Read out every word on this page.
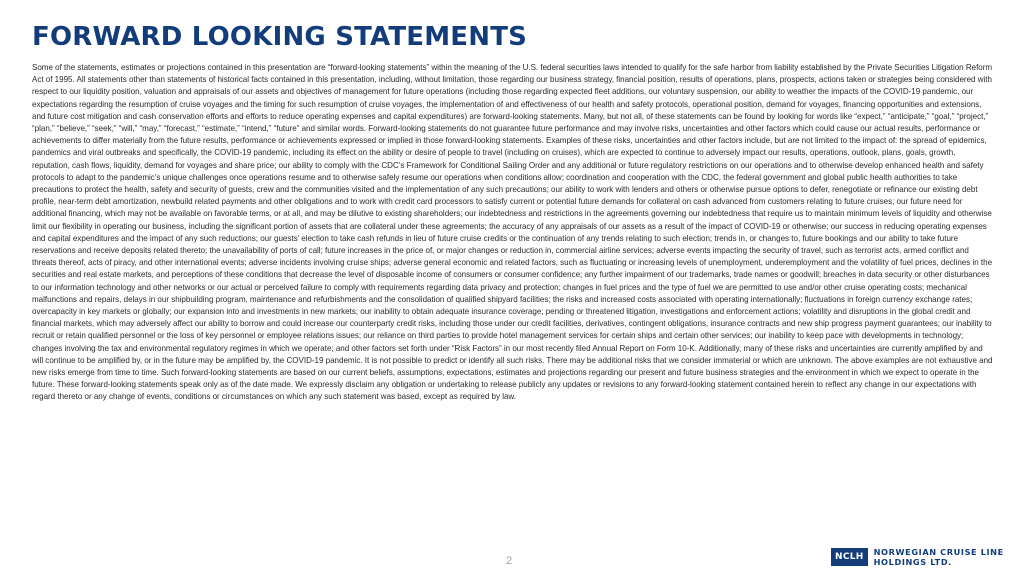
FORWARD LOOKING STATEMENTS
Some of the statements, estimates or projections contained in this presentation are “forward-looking statements” within the meaning of the U.S. federal securities laws intended to qualify for the safe harbor from liability established by the Private Securities Litigation Reform Act of 1995. All statements other than statements of historical facts contained in this presentation, including, without limitation, those regarding our business strategy, financial position, results of operations, plans, prospects, actions taken or strategies being considered with respect to our liquidity position, valuation and appraisals of our assets and objectives of management for future operations (including those regarding expected fleet additions, our voluntary suspension, our ability to weather the impacts of the COVID-19 pandemic, our expectations regarding the resumption of cruise voyages and the timing for such resumption of cruise voyages, the implementation of and effectiveness of our health and safety protocols, operational position, demand for voyages, financing opportunities and extensions, and future cost mitigation and cash conservation efforts and efforts to reduce operating expenses and capital expenditures) are forward-looking statements. Many, but not all, of these statements can be found by looking for words like “expect,” “anticipate,” “goal,” “project,” “plan,” “believe,” “seek,” “will,” “may,” “forecast,” “estimate,” “intend,” “future” and similar words. Forward-looking statements do not guarantee future performance and may involve risks, uncertainties and other factors which could cause our actual results, performance or achievements to differ materially from the future results, performance or achievements expressed or implied in those forward-looking statements. Examples of these risks, uncertainties and other factors include, but are not limited to the impact of: the spread of epidemics, pandemics and viral outbreaks and specifically, the COVID-19 pandemic, including its effect on the ability or desire of people to travel (including on cruises), which are expected to continue to adversely impact our results, operations, outlook, plans, goals, growth, reputation, cash flows, liquidity, demand for voyages and share price; our ability to comply with the CDC’s Framework for Conditional Sailing Order and any additional or future regulatory restrictions on our operations and to otherwise develop enhanced health and safety protocols to adapt to the pandemic’s unique challenges once operations resume and to otherwise safely resume our operations when conditions allow; coordination and cooperation with the CDC, the federal government and global public health authorities to take precautions to protect the health, safety and security of guests, crew and the communities visited and the implementation of any such precautions; our ability to work with lenders and others or otherwise pursue options to defer, renegotiate or refinance our existing debt profile, near-term debt amortization, newbuild related payments and other obligations and to work with credit card processors to satisfy current or potential future demands for collateral on cash advanced from customers relating to future cruises; our future need for additional financing, which may not be available on favorable terms, or at all, and may be dilutive to existing shareholders; our indebtedness and restrictions in the agreements governing our indebtedness that require us to maintain minimum levels of liquidity and otherwise limit our flexibility in operating our business, including the significant portion of assets that are collateral under these agreements; the accuracy of any appraisals of our assets as a result of the impact of COVID-19 or otherwise; our success in reducing operating expenses and capital expenditures and the impact of any such reductions; our guests’ election to take cash refunds in lieu of future cruise credits or the continuation of any trends relating to such election; trends in, or changes to, future bookings and our ability to take future reservations and receive deposits related thereto; the unavailability of ports of call; future increases in the price of, or major changes or reduction in, commercial airline services; adverse events impacting the security of travel, such as terrorist acts, armed conflict and threats thereof, acts of piracy, and other international events; adverse incidents involving cruise ships; adverse general economic and related factors, such as fluctuating or increasing levels of unemployment, underemployment and the volatility of fuel prices, declines in the securities and real estate markets, and perceptions of these conditions that decrease the level of disposable income of consumers or consumer confidence; any further impairment of our trademarks, trade names or goodwill; breaches in data security or other disturbances to our information technology and other networks or our actual or perceived failure to comply with requirements regarding data privacy and protection; changes in fuel prices and the type of fuel we are permitted to use and/or other cruise operating costs; mechanical malfunctions and repairs, delays in our shipbuilding program, maintenance and refurbishments and the consolidation of qualified shipyard facilities; the risks and increased costs associated with operating internationally; fluctuations in foreign currency exchange rates; overcapacity in key markets or globally; our expansion into and investments in new markets; our inability to obtain adequate insurance coverage; pending or threatened litigation, investigations and enforcement actions; volatility and disruptions in the global credit and financial markets, which may adversely affect our ability to borrow and could increase our counterparty credit risks, including those under our credit facilities, derivatives, contingent obligations, insurance contracts and new ship progress payment guarantees; our inability to recruit or retain qualified personnel or the loss of key personnel or employee relations issues; our reliance on third parties to provide hotel management services for certain ships and certain other services; our inability to keep pace with developments in technology; changes involving the tax and environmental regulatory regimes in which we operate; and other factors set forth under “Risk Factors” in our most recently filed Annual Report on Form 10-K. Additionally, many of these risks and uncertainties are currently amplified by and will continue to be amplified by, or in the future may be amplified by, the COVID-19 pandemic. It is not possible to predict or identify all such risks. There may be additional risks that we consider immaterial or which are unknown. The above examples are not exhaustive and new risks emerge from time to time. Such forward-looking statements are based on our current beliefs, assumptions, expectations, estimates and projections regarding our present and future business strategies and the environment in which we expect to operate in the future. These forward-looking statements speak only as of the date made. We expressly disclaim any obligation or undertaking to release publicly any updates or revisions to any forward-looking statement contained herein to reflect any change in our expectations with regard thereto or any change of events, conditions or circumstances on which any such statement was based, except as required by law.
2	NCLH	NORWEGIAN CRUISE LINE
HOLDINGS LTD.
